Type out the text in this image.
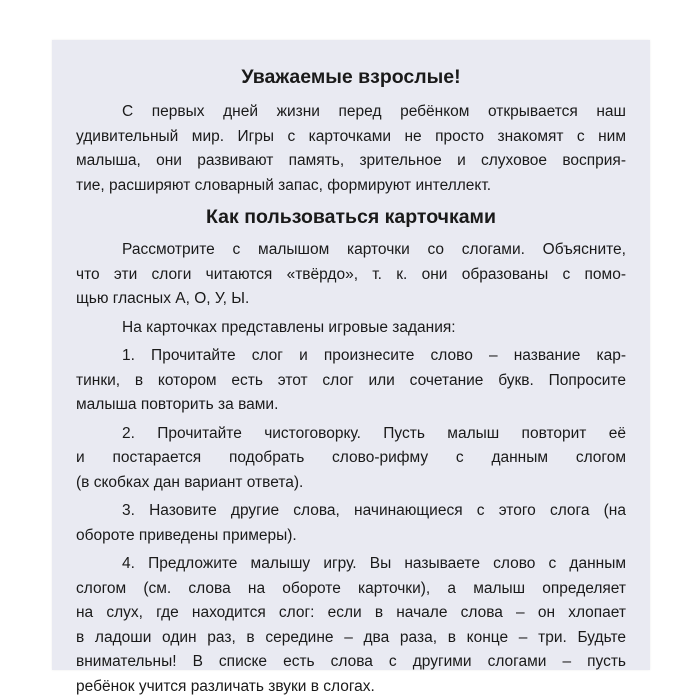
Уважаемые взрослые!
С первых дней жизни перед ребёнком открывается наш
удивительный мир. Игры с карточками не просто знакомят с ним
малыша, они развивают память, зрительное и слуховое восприя-
тие, расширяют словарный запас, формируют интеллект.
Как пользоваться карточками
Рассмотрите с малышом карточки со слогами. Объясните,
что эти слоги читаются «твёрдо», т. к. они образованы с помо-
щью гласных А, О, У, Ы.
На карточках представлены игровые задания:
1. Прочитайте слог и произнесите слово – название кар-
тинки, в котором есть этот слог или сочетание букв. Попросите
малыша повторить за вами.
2. Прочитайте чистоговорку. Пусть малыш повторит её
и постарается подобрать слово-рифму с данным слогом
(в скобках дан вариант ответа).
3. Назовите другие слова, начинающиеся с этого слога (на
обороте приведены примеры).
4. Предложите малышу игру. Вы называете слово с данным
слогом (см. слова на обороте карточки), а малыш определяет
на слух, где находится слог: если в начале слова – он хлопает
в ладоши один раз, в середине – два раза, в конце – три. Будьте
внимательны! В списке есть слова с другими слогами – пусть
ребёнок учится различать звуки в слогах.
